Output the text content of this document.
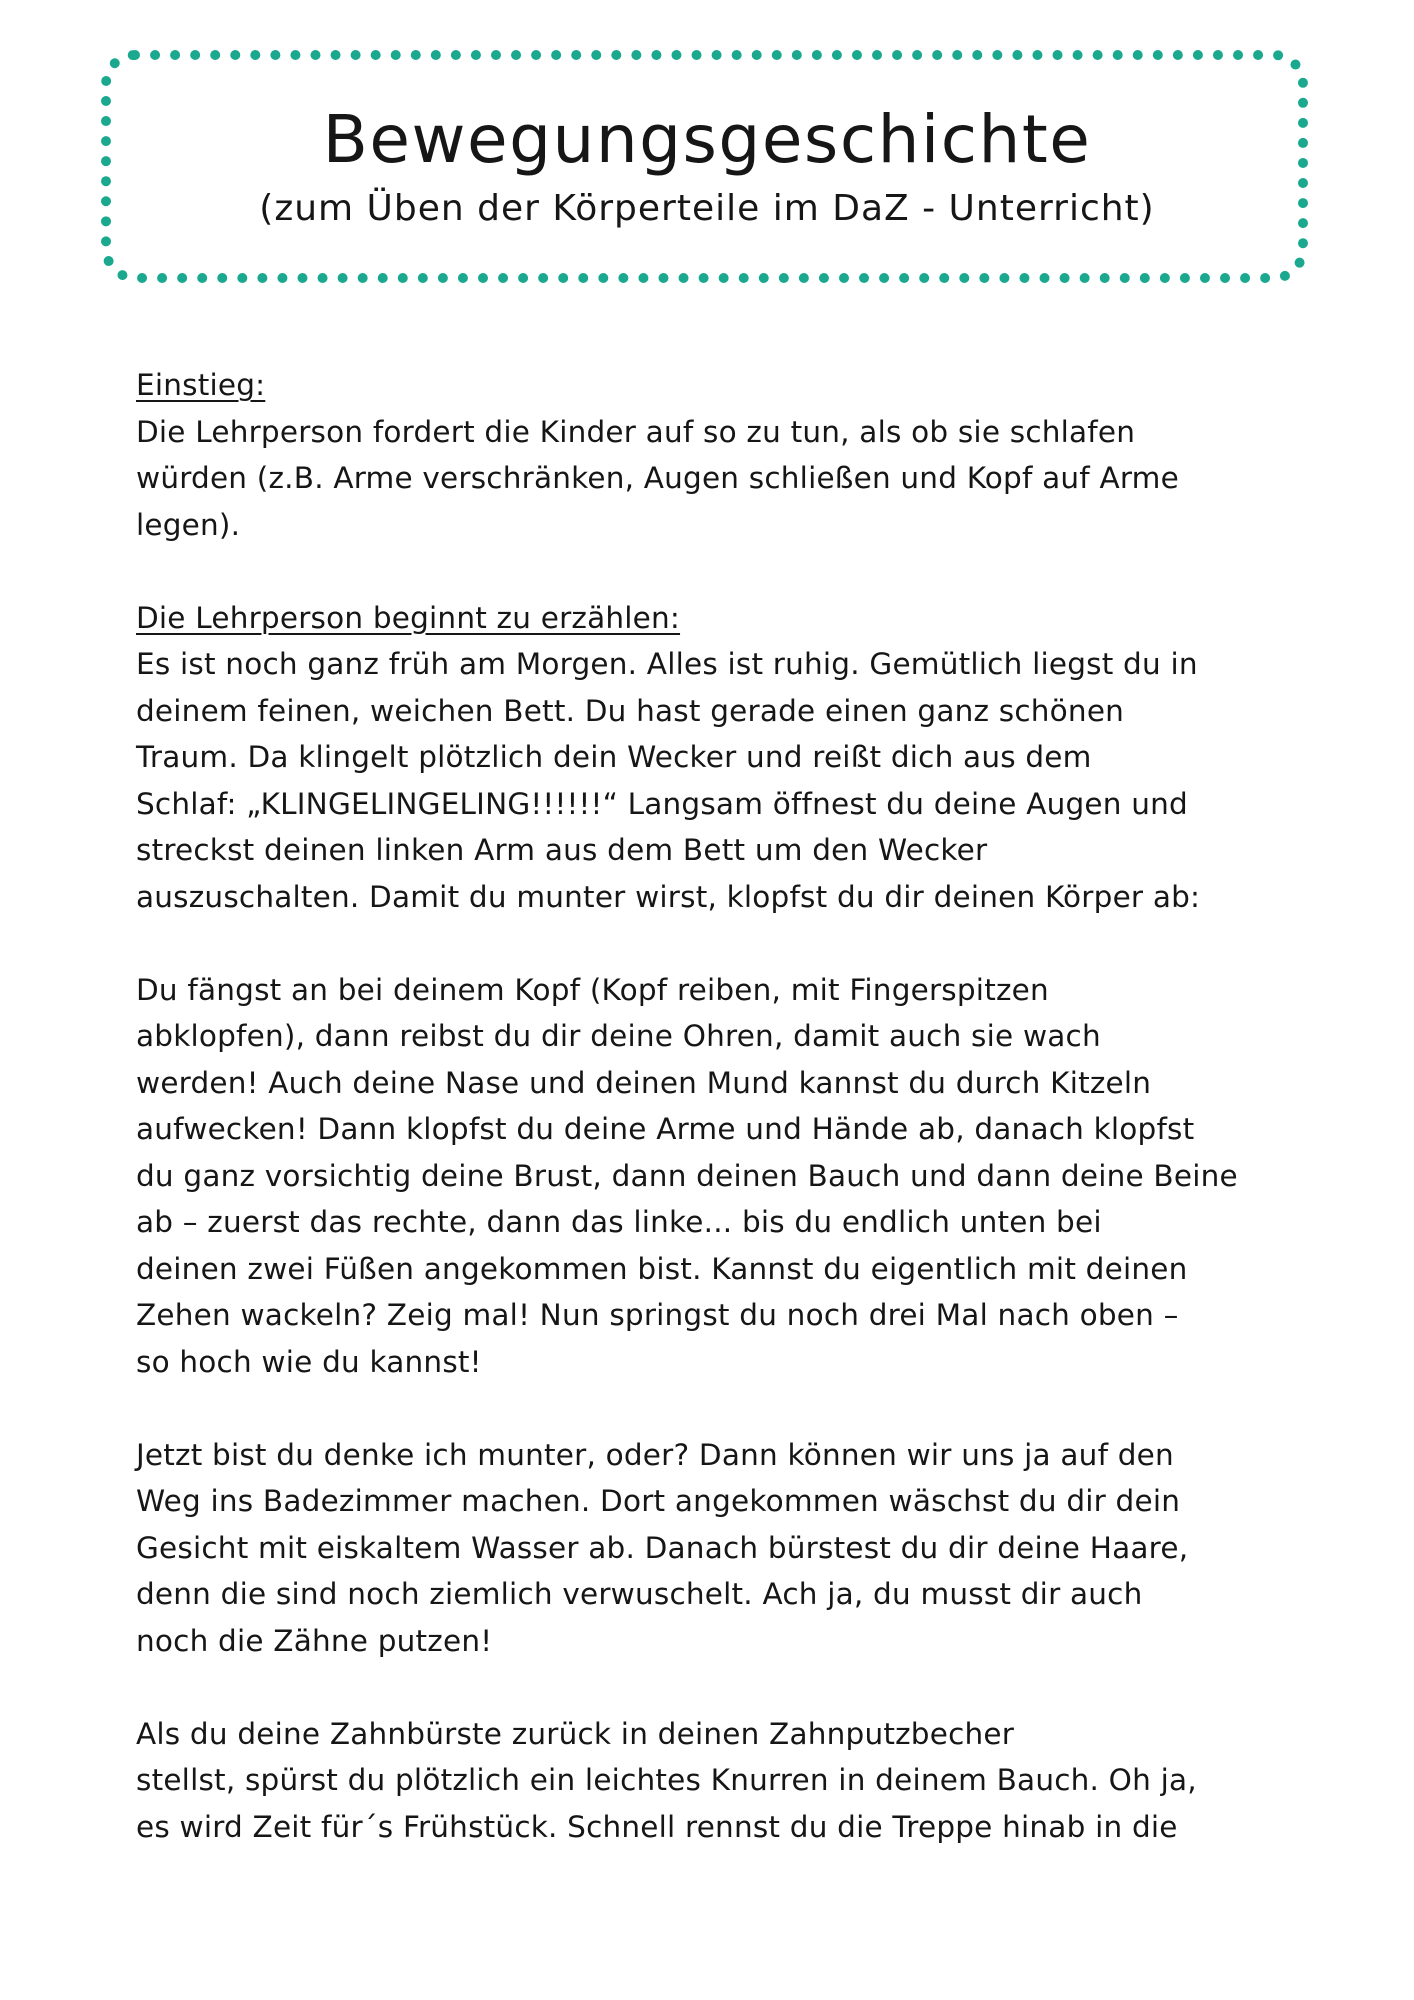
Bewegungsgeschichte

(zum Üben der Körperteile im DaZ - Unterricht)

Einstieg:

Die Lehrperson fordert die Kinder auf so zu tun, als ob sie schlafen
würden (z.B. Arme verschränken, Augen schließen und Kopf auf Arme
legen).

Die Lehrperson beginnt zu erzählen:

Es ist noch ganz früh am Morgen. Alles ist ruhig. Gemütlich liegst du in
deinem feinen, weichen Bett. Du hast gerade einen ganz schönen
Traum. Da klingelt plötzlich dein Wecker und reißt dich aus dem
Schlaf: „KLINGELINGELING!!!!!!“ Langsam öffnest du deine Augen und
streckst deinen linken Arm aus dem Bett um den Wecker
auszuschalten. Damit du munter wirst, klopfst du dir deinen Körper ab:

Du fängst an bei deinem Kopf (Kopf reiben, mit Fingerspitzen
abklopfen), dann reibst du dir deine Ohren, damit auch sie wach
werden! Auch deine Nase und deinen Mund kannst du durch Kitzeln
aufwecken! Dann klopfst du deine Arme und Hände ab, danach klopfst
du ganz vorsichtig deine Brust, dann deinen Bauch und dann deine Beine
ab – zuerst das rechte, dann das linke... bis du endlich unten bei
deinen zwei Füßen angekommen bist. Kannst du eigentlich mit deinen
Zehen wackeln? Zeig mal! Nun springst du noch drei Mal nach oben –
so hoch wie du kannst!

Jetzt bist du denke ich munter, oder? Dann können wir uns ja auf den
Weg ins Badezimmer machen. Dort angekommen wäschst du dir dein
Gesicht mit eiskaltem Wasser ab. Danach bürstest du dir deine Haare,
denn die sind noch ziemlich verwuschelt. Ach ja, du musst dir auch
noch die Zähne putzen!

Als du deine Zahnbürste zurück in deinen Zahnputzbecher
stellst, spürst du plötzlich ein leichtes Knurren in deinem Bauch. Oh ja,
es wird Zeit für´s Frühstück. Schnell rennst du die Treppe hinab in die
